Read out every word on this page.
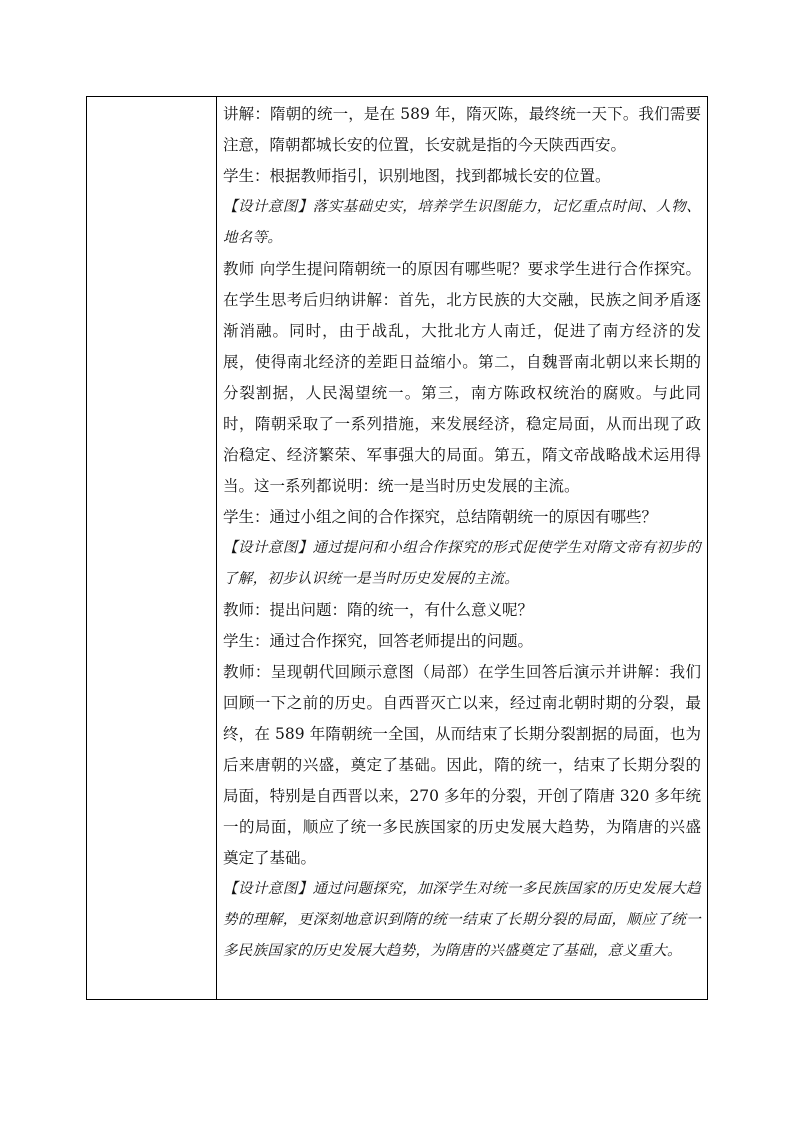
讲解：隋朝的统一，是在 589 年，隋灭陈，最终统一天下。我们需要注意，隋朝都城长安的位置，长安就是指的今天陕西西安。

学生：根据教师指引，识别地图，找到都城长安的位置。

【设计意图】落实基础史实，培养学生识图能力，记忆重点时间、人物、地名等。

教师 向学生提问隋朝统一的原因有哪些呢？要求学生进行合作探究。在学生思考后归纳讲解：首先，北方民族的大交融，民族之间矛盾逐渐消融。同时，由于战乱，大批北方人南迁，促进了南方经济的发展，使得南北经济的差距日益缩小。第二，自魏晋南北朝以来长期的分裂割据，人民渴望统一。第三，南方陈政权统治的腐败。与此同时，隋朝采取了一系列措施，来发展经济，稳定局面，从而出现了政治稳定、经济繁荣、军事强大的局面。第五，隋文帝战略战术运用得当。这一系列都说明：统一是当时历史发展的主流。

学生：通过小组之间的合作探究，总结隋朝统一的原因有哪些？

【设计意图】通过提问和小组合作探究的形式促使学生对隋文帝有初步的了解，初步认识统一是当时历史发展的主流。

教师：提出问题：隋的统一，有什么意义呢？

学生：通过合作探究，回答老师提出的问题。

教师：呈现朝代回顾示意图（局部）在学生回答后演示并讲解：我们回顾一下之前的历史。自西晋灭亡以来，经过南北朝时期的分裂，最终，在 589 年隋朝统一全国，从而结束了长期分裂割据的局面，也为后来唐朝的兴盛，奠定了基础。因此，隋的统一，结束了长期分裂的局面，特别是自西晋以来，270 多年的分裂，开创了隋唐 320 多年统一的局面，顺应了统一多民族国家的历史发展大趋势，为隋唐的兴盛奠定了基础。

【设计意图】通过问题探究，加深学生对统一多民族国家的历史发展大趋势的理解，更深刻地意识到隋的统一结束了长期分裂的局面，顺应了统一多民族国家的历史发展大趋势，为隋唐的兴盛奠定了基础，意义重大。
